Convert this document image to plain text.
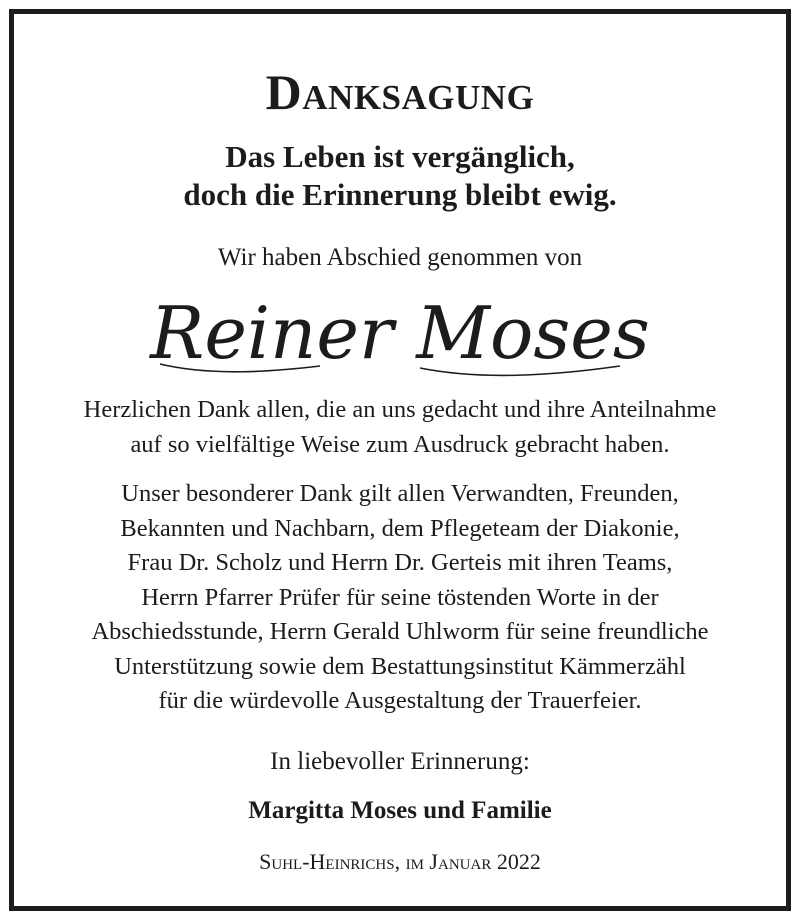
Danksagung
Das Leben ist vergänglich,
doch die Erinnerung bleibt ewig.
Wir haben Abschied genommen von
Reiner Moses
Herzlichen Dank allen, die an uns gedacht und ihre Anteilnahme
auf so vielfältige Weise zum Ausdruck gebracht haben.
Unser besonderer Dank gilt allen Verwandten, Freunden,
Bekannten und Nachbarn, dem Pflegeteam der Diakonie,
Frau Dr. Scholz und Herrn Dr. Gerteis mit ihren Teams,
Herrn Pfarrer Prüfer für seine töstenden Worte in der
Abschiedsstunde, Herrn Gerald Uhlworm für seine freundliche
Unterstützung sowie dem Bestattungsinstitut Kämmerzähl
für die würdevolle Ausgestaltung der Trauerfeier.
In liebevoller Erinnerung:
Margitta Moses und Familie
Suhl-Heinrichs, im Januar 2022
